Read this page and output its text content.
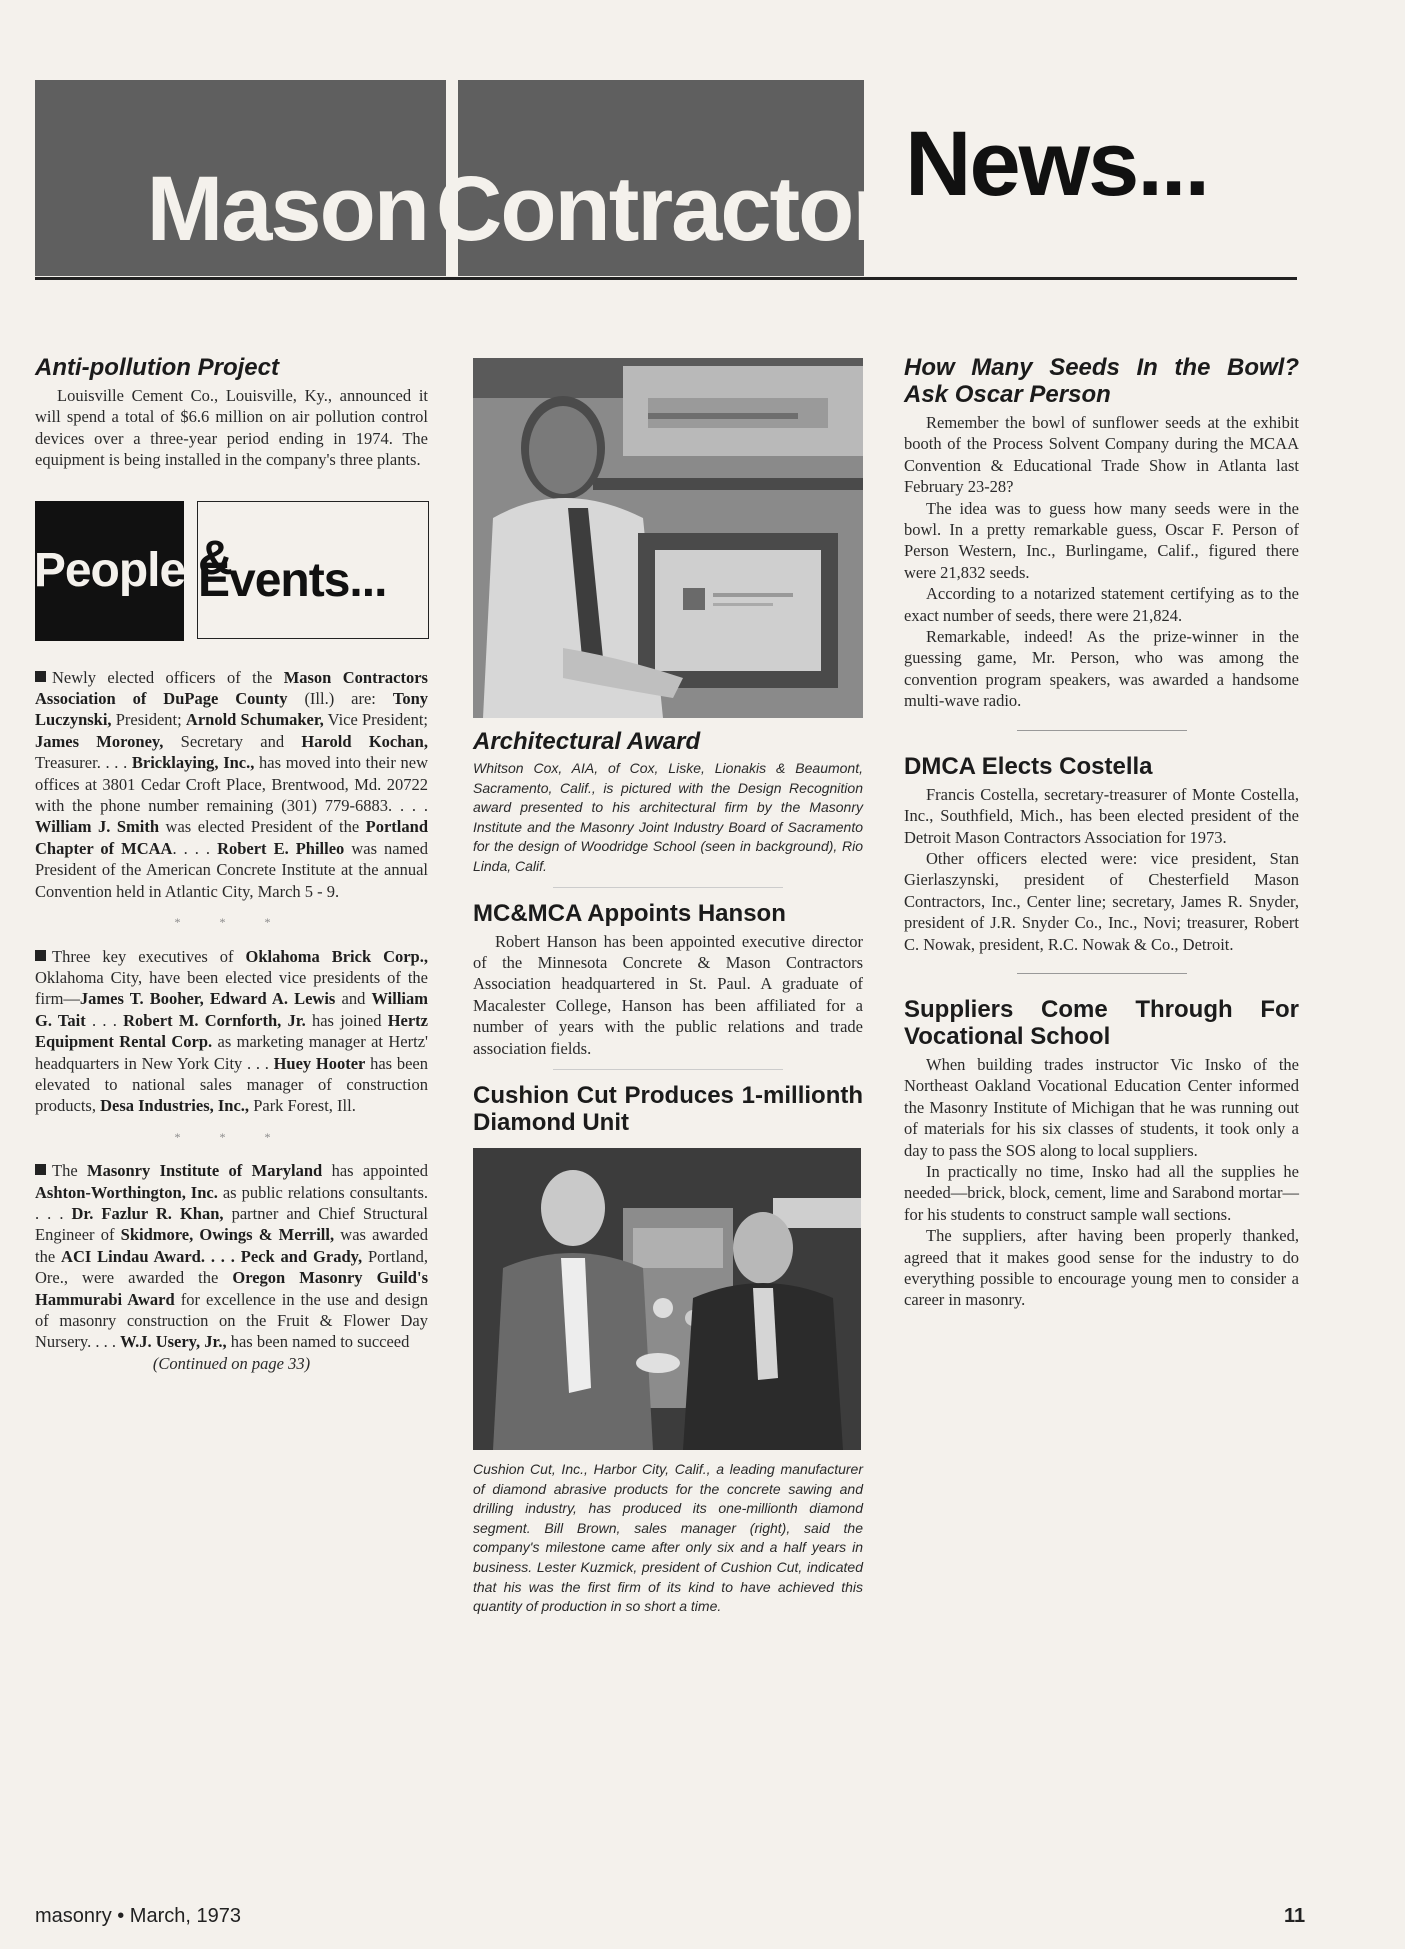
Mason Contractor News...
Anti-pollution Project

Louisville Cement Co., Louisville, Ky., announced it will spend a total of $6.6 million on air pollution control devices over a three-year period ending in 1974. The equipment is being installed in the company's three plants.

People & Events...

Newly elected officers of the Mason Contractors Association of DuPage County (Ill.) are: Tony Luczynski, President; Arnold Schumaker, Vice President; James Moroney, Secretary and Harold Kochan, Treasurer. . . . Bricklaying, Inc., has moved into their new offices at 3801 Cedar Croft Place, Brentwood, Md. 20722 with the phone number remaining (301) 779-6883. . . . William J. Smith was elected President of the Portland Chapter of MCAA. . . . Robert E. Philleo was named President of the American Concrete Institute at the annual Convention held in Atlantic City, March 5 - 9.

* * *

Three key executives of Oklahoma Brick Corp., Oklahoma City, have been elected vice presidents of the firm—James T. Booher, Edward A. Lewis and William G. Tait . . . Robert M. Cornforth, Jr. has joined Hertz Equipment Rental Corp. as marketing manager at Hertz' headquarters in New York City . . . Huey Hooter has been elevated to national sales manager of construction products, Desa Industries, Inc., Park Forest, Ill.

* * *

The Masonry Institute of Maryland has appointed Ashton-Worthington, Inc. as public relations consultants. . . . Dr. Fazlur R. Khan, partner and Chief Structural Engineer of Skidmore, Owings & Merrill, was awarded the ACI Lindau Award. . . . Peck and Grady, Portland, Ore., were awarded the Oregon Masonry Guild's Hammurabi Award for excellence in the use and design of masonry construction on the Fruit & Flower Day Nursery. . . . W.J. Usery, Jr., has been named to succeed

(Continued on page 33)
Architectural Award
Whitson Cox, AIA, of Cox, Liske, Lionakis & Beaumont, Sacramento, Calif., is pictured with the Design Recognition award presented to his architectural firm by the Masonry Institute and the Masonry Joint Industry Board of Sacramento for the design of Woodridge School (seen in background), Rio Linda, Calif.
MC&MCA Appoints Hanson

Robert Hanson has been appointed executive director of the Minnesota Concrete & Mason Contractors Association headquartered in St. Paul. A graduate of Macalester College, Hanson has been affiliated for a number of years with the public relations and trade association fields.

Cushion Cut Produces 1-millionth Diamond Unit
Cushion Cut, Inc., Harbor City, Calif., a leading manufacturer of diamond abrasive products for the concrete sawing and drilling industry, has produced its one-millionth diamond segment. Bill Brown, sales manager (right), said the company's milestone came after only six and a half years in business. Lester Kuzmick, president of Cushion Cut, indicated that his was the first firm of its kind to have achieved this quantity of production in so short a time.
How Many Seeds In the Bowl? Ask Oscar Person

Remember the bowl of sunflower seeds at the exhibit booth of the Process Solvent Company during the MCAA Convention & Educational Trade Show in Atlanta last February 23-28?

The idea was to guess how many seeds were in the bowl. In a pretty remarkable guess, Oscar F. Person of Person Western, Inc., Burlingame, Calif., figured there were 21,832 seeds.

According to a notarized statement certifying as to the exact number of seeds, there were 21,824.

Remarkable, indeed! As the prize-winner in the guessing game, Mr. Person, who was among the convention program speakers, was awarded a handsome multi-wave radio.

DMCA Elects Costella

Francis Costella, secretary-treasurer of Monte Costella, Inc., Southfield, Mich., has been elected president of the Detroit Mason Contractors Association for 1973.

Other officers elected were: vice president, Stan Gierlaszynski, president of Chesterfield Mason Contractors, Inc., Center line; secretary, James R. Snyder, president of J.R. Snyder Co., Inc., Novi; treasurer, Robert C. Nowak, president, R.C. Nowak & Co., Detroit.

Suppliers Come Through For Vocational School

When building trades instructor Vic Insko of the Northeast Oakland Vocational Education Center informed the Masonry Institute of Michigan that he was running out of materials for his six classes of students, it took only a day to pass the SOS along to local suppliers.

In practically no time, Insko had all the supplies he needed—brick, block, cement, lime and Sarabond mortar—for his students to construct sample wall sections.

The suppliers, after having been properly thanked, agreed that it makes good sense for the industry to do everything possible to encourage young men to consider a career in masonry.

masonry • March, 1973	11
